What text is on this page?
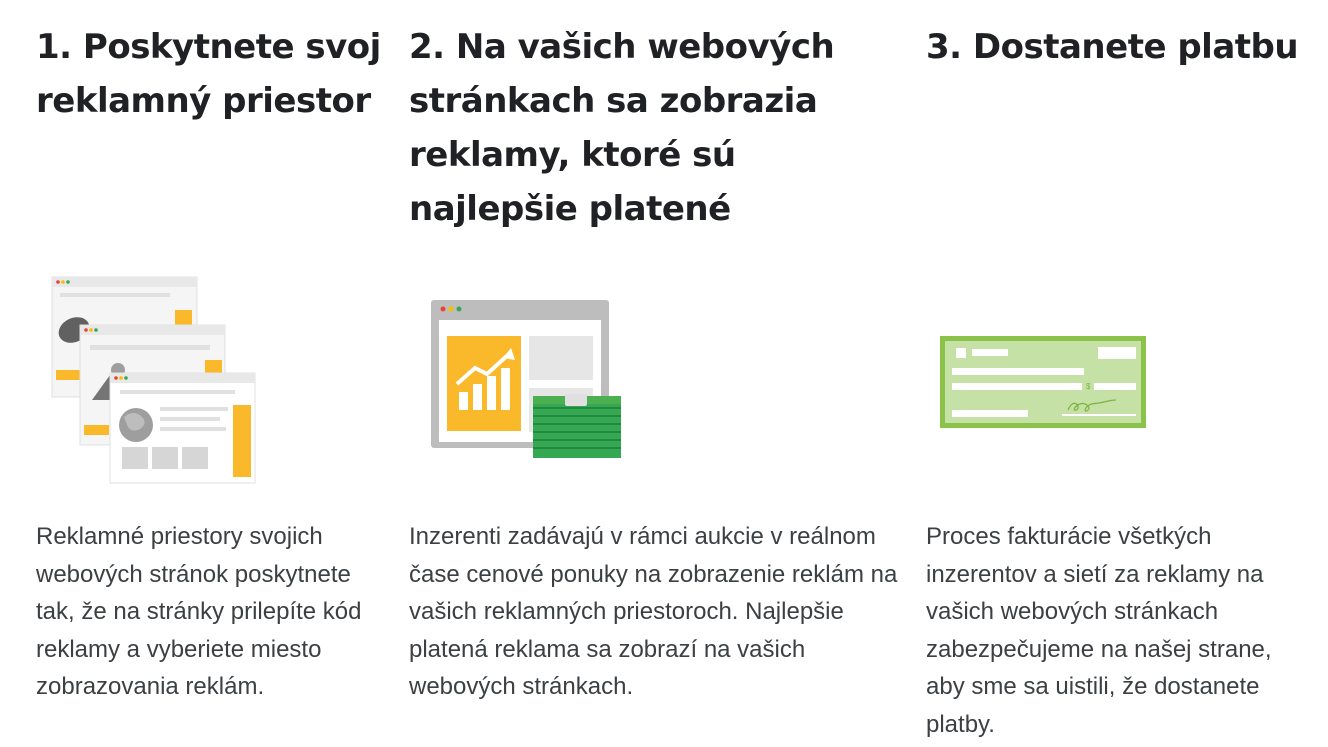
1. Poskytnete svoj reklamný priestor

Reklamné priestory svojich webových stránok poskytnete tak, že na stránky prilepíte kód reklamy a vyberiete miesto zobrazovania reklám.

2. Na vašich webových stránkach sa zobrazia reklamy, ktoré sú najlepšie platené

Inzerenti zadávajú v rámci aukcie v reálnom čase cenové ponuky na zobrazenie reklám na vašich reklamných priestoroch. Najlepšie platená reklama sa zobrazí na vašich webových stránkach.

3. Dostanete platbu
$

Proces fakturácie všetkých inzerentov a sietí za reklamy na vašich webových stránkach zabezpečujeme na našej strane, aby sme sa uistili, že dostanete platby.
